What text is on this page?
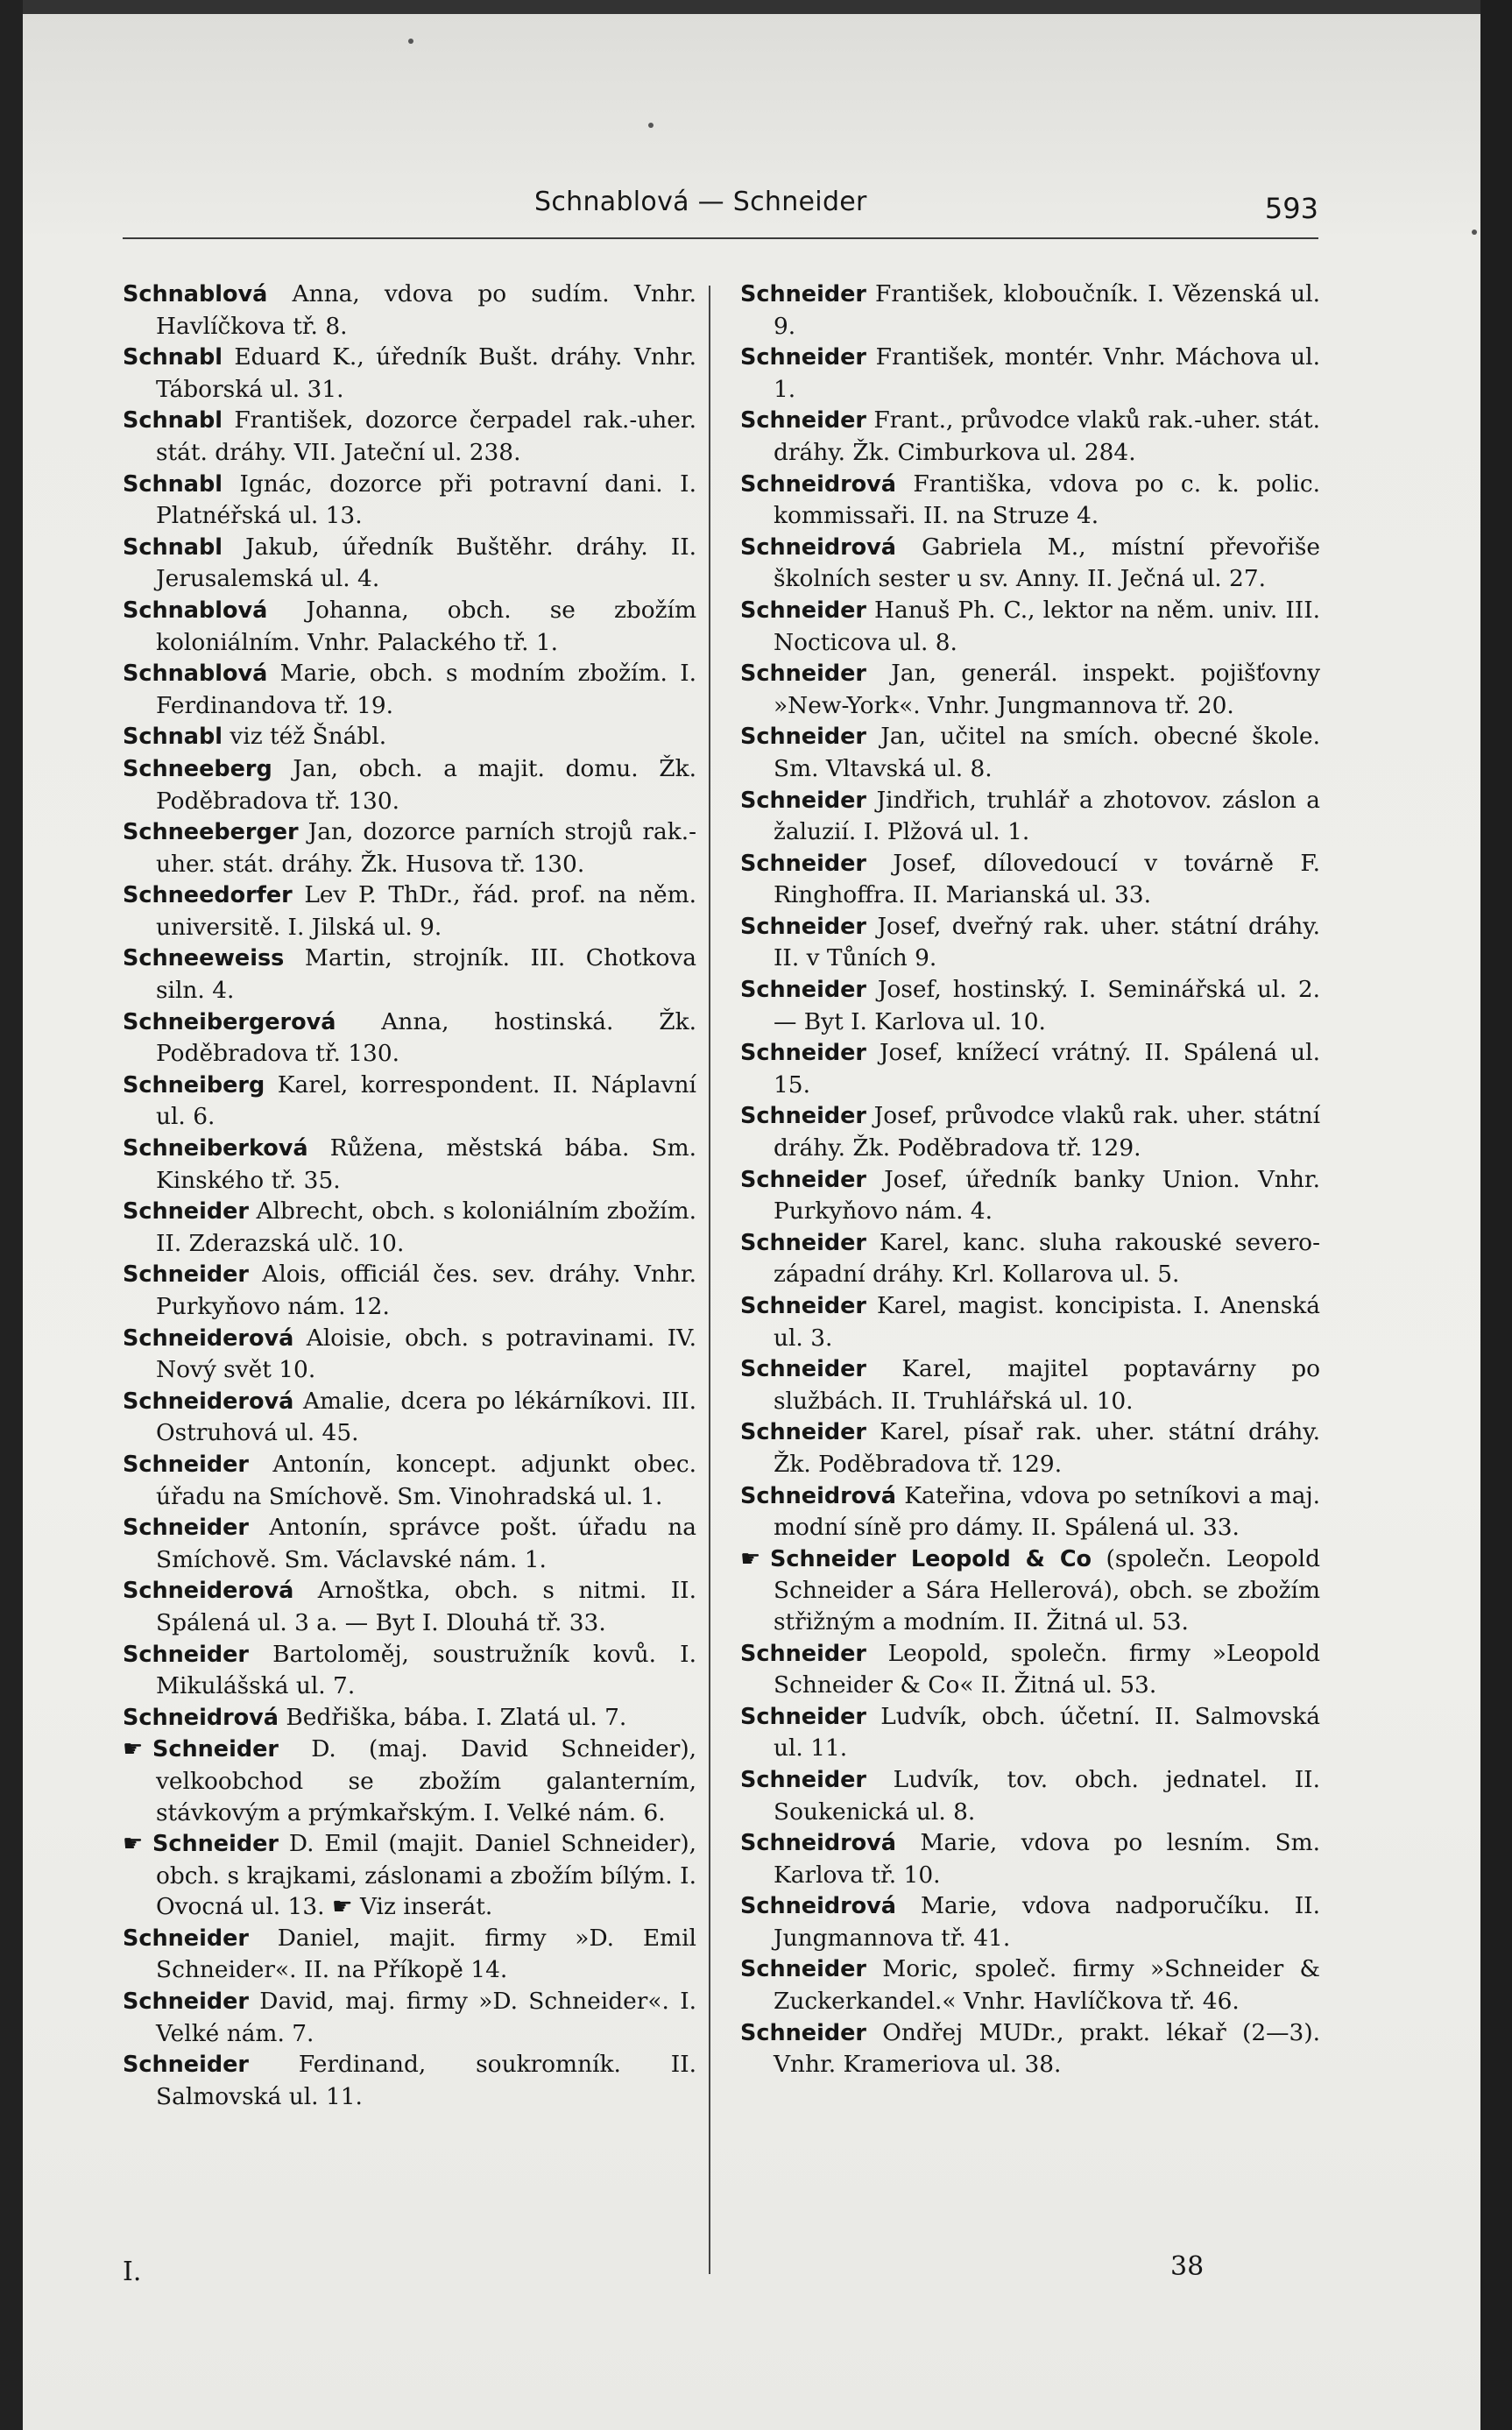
Schnablová — Schneider	593

Schnablová Anna, vdova po sudím. Vnhr. Havlíčkova tř. 8.

Schnabl Eduard K., úředník Bušt. dráhy. Vnhr. Táborská ul. 31.

Schnabl František, dozorce čerpadel rak.-uher. stát. dráhy. VII. Jateční ul. 238.

Schnabl Ignác, dozorce při potravní dani. I. Platnéřská ul. 13.

Schnabl Jakub, úředník Buštěhr. dráhy. II. Jerusalemská ul. 4.

Schnablová Johanna, obch. se zbožím koloniálním. Vnhr. Palackého tř. 1.

Schnablová Marie, obch. s modním zbožím. I. Ferdinandova tř. 19.

Schnabl viz též Šnábl.

Schneeberg Jan, obch. a majit. domu. Žk. Poděbradova tř. 130.

Schneeberger Jan, dozorce parních strojů rak.-uher. stát. dráhy. Žk. Husova tř. 130.

Schneedorfer Lev P. ThDr., řád. prof. na něm. universitě. I. Jilská ul. 9.

Schneeweiss Martin, strojník. III. Chotkova siln. 4.

Schneibergerová Anna, hostinská. Žk. Poděbradova tř. 130.

Schneiberg Karel, korrespondent. II. Náplavní ul. 6.

Schneiberková Růžena, městská bába. Sm. Kinského tř. 35.

Schneider Albrecht, obch. s koloniálním zbožím. II. Zderazská ulč. 10.

Schneider Alois, officiál čes. sev. dráhy. Vnhr. Purkyňovo nám. 12.

Schneiderová Aloisie, obch. s potravinami. IV. Nový svět 10.

Schneiderová Amalie, dcera po lékárníkovi. III. Ostruhová ul. 45.

Schneider Antonín, koncept. adjunkt obec. úřadu na Smíchově. Sm. Vinohradská ul. 1.

Schneider Antonín, správce pošt. úřadu na Smíchově. Sm. Václavské nám. 1.

Schneiderová Arnoštka, obch. s nitmi. II. Spálená ul. 3 a. — Byt I. Dlouhá tř. 33.

Schneider Bartoloměj, soustružník kovů. I. Mikulášská ul. 7.

Schneidrová Bedřiška, bába. I. Zlatá ul. 7.

☛ Schneider D. (maj. David Schneider), velkoobchod se zbožím galanterním, stávkovým a prýmkařským. I. Velké nám. 6.

☛ Schneider D. Emil (majit. Daniel Schneider), obch. s krajkami, záslonami a zbožím bílým. I. Ovocná ul. 13. ☛ Viz inserát.

Schneider Daniel, majit. firmy »D. Emil Schneider«. II. na Příkopě 14.

Schneider David, maj. firmy »D. Schneider«. I. Velké nám. 7.

Schneider Ferdinand, soukromník. II. Salmovská ul. 11.

Schneider František, kloboučník. I. Vězenská ul. 9.

Schneider František, montér. Vnhr. Máchova ul. 1.

Schneider Frant., průvodce vlaků rak.-uher. stát. dráhy. Žk. Cimburkova ul. 284.

Schneidrová Františka, vdova po c. k. polic. kommissaři. II. na Struze 4.

Schneidrová Gabriela M., místní převořiše školních sester u sv. Anny. II. Ječná ul. 27.

Schneider Hanuš Ph. C., lektor na něm. univ. III. Nocticova ul. 8.

Schneider Jan, generál. inspekt. pojišťovny »New-York«. Vnhr. Jungmannova tř. 20.

Schneider Jan, učitel na smích. obecné škole. Sm. Vltavská ul. 8.

Schneider Jindřich, truhlář a zhotovov. záslon a žaluzií. I. Plžová ul. 1.

Schneider Josef, dílovedoucí v továrně F. Ringhoffra. II. Marianská ul. 33.

Schneider Josef, dveřný rak. uher. státní dráhy. II. v Tůních 9.

Schneider Josef, hostinský. I. Seminářská ul. 2. — Byt I. Karlova ul. 10.

Schneider Josef, knížecí vrátný. II. Spálená ul. 15.

Schneider Josef, průvodce vlaků rak. uher. státní dráhy. Žk. Poděbradova tř. 129.

Schneider Josef, úředník banky Union. Vnhr. Purkyňovo nám. 4.

Schneider Karel, kanc. sluha rakouské severo-západní dráhy. Krl. Kollarova ul. 5.

Schneider Karel, magist. koncipista. I. Anenská ul. 3.

Schneider Karel, majitel poptavárny po službách. II. Truhlářská ul. 10.

Schneider Karel, písař rak. uher. státní dráhy. Žk. Poděbradova tř. 129.

Schneidrová Kateřina, vdova po setníkovi a maj. modní síně pro dámy. II. Spálená ul. 33.

☛ Schneider Leopold & Co (společn. Leopold Schneider a Sára Hellerová), obch. se zbožím střižným a modním. II. Žitná ul. 53.

Schneider Leopold, společn. firmy »Leopold Schneider & Co« II. Žitná ul. 53.

Schneider Ludvík, obch. účetní. II. Salmovská ul. 11.

Schneider Ludvík, tov. obch. jednatel. II. Soukenická ul. 8.

Schneidrová Marie, vdova po lesním. Sm. Karlova tř. 10.

Schneidrová Marie, vdova nadporučíku. II. Jungmannova tř. 41.

Schneider Moric, společ. firmy »Schneider & Zuckerkandel.« Vnhr. Havlíčkova tř. 46.

Schneider Ondřej MUDr., prakt. lékař (2—3). Vnhr. Krameriova ul. 38.

I.	38
